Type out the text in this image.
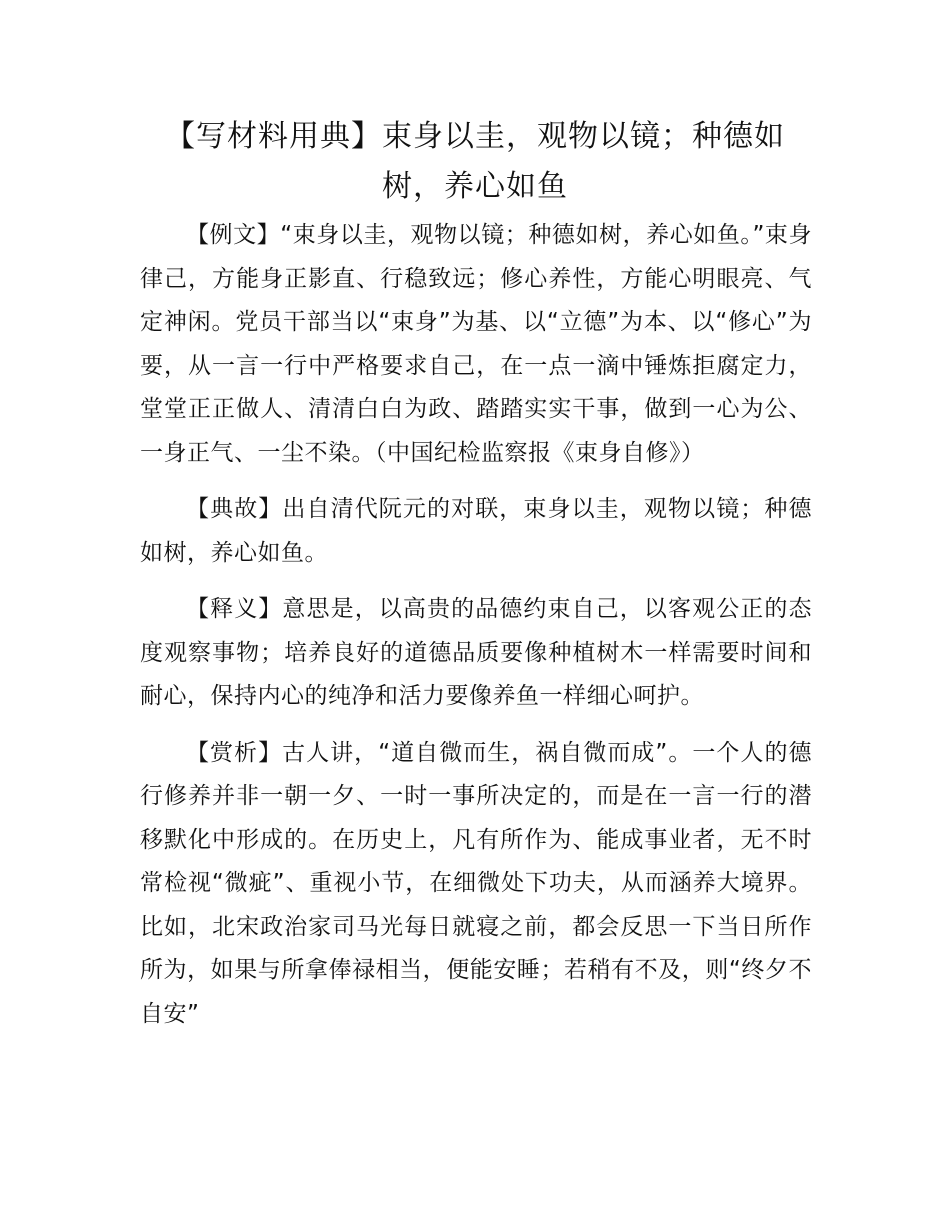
【写材料用典】束身以圭，观物以镜；种德如树，养心如鱼

【例文】“束身以圭，观物以镜；种德如树，养心如鱼。”束身律己，方能身正影直、行稳致远；修心养性，方能心明眼亮、气定神闲。党员干部当以“束身”为基、以“立德”为本、以“修心”为要，从一言一行中严格要求自己，在一点一滴中锤炼拒腐定力，堂堂正正做人、清清白白为政、踏踏实实干事，做到一心为公、一身正气、一尘不染。（中国纪检监察报《束身自修》）

【典故】出自清代阮元的对联，束身以圭，观物以镜；种德如树，养心如鱼。

【释义】意思是，以高贵的品德约束自己，以客观公正的态度观察事物；培养良好的道德品质要像种植树木一样需要时间和耐心，保持内心的纯净和活力要像养鱼一样细心呵护。

【赏析】古人讲，“道自微而生，祸自微而成”。一个人的德行修养并非一朝一夕、一时一事所决定的，而是在一言一行的潜移默化中形成的。在历史上，凡有所作为、能成事业者，无不时常检视“微疵”、重视小节，在细微处下功夫，从而涵养大境界。比如，北宋政治家司马光每日就寝之前，都会反思一下当日所作所为，如果与所拿俸禄相当，便能安睡；若稍有不及，则“终夕不自安”
